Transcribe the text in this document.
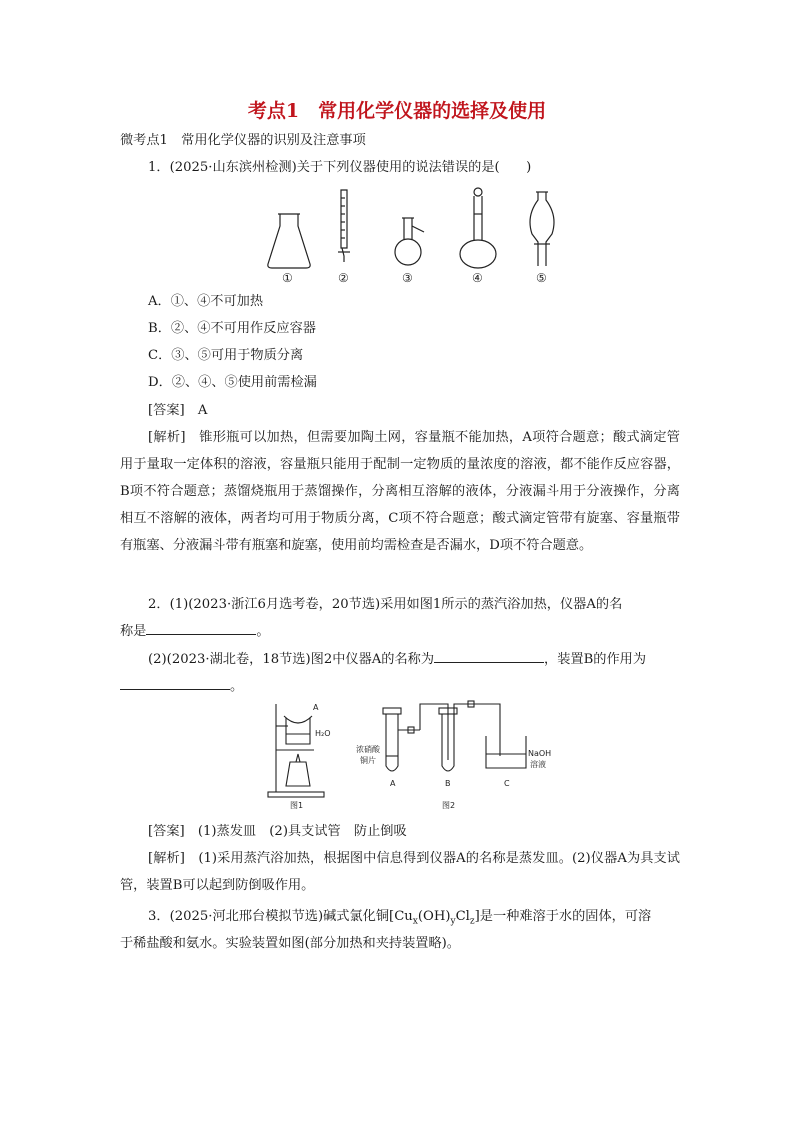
考点1　常用化学仪器的选择及使用
微考点1　常用化学仪器的识别及注意事项
1．(2025·山东滨州检测)关于下列仪器使用的说法错误的是(　　)
①	②	③	④	⑤
A．①、④不可加热
B．②、④不可用作反应容器
C．③、⑤可用于物质分离
D．②、④、⑤使用前需检漏
[答案]　A
[解析]　锥形瓶可以加热，但需要加陶土网，容量瓶不能加热，A项符合题意；酸式滴定管用于量取一定体积的溶液，容量瓶只能用于配制一定物质的量浓度的溶液，都不能作反应容器，B项不符合题意；蒸馏烧瓶用于蒸馏操作，分离相互溶解的液体，分液漏斗用于分液操作，分离相互不溶解的液体，两者均可用于物质分离，C项不符合题意；酸式滴定管带有旋塞、容量瓶带有瓶塞、分液漏斗带有瓶塞和旋塞，使用前均需检查是否漏水，D项不符合题意。
2．(1)(2023·浙江6月选考卷，20节选)采用如图1所示的蒸汽浴加热，仪器A的名
称是	。
(2)(2023·湖北卷，18节选)图2中仪器A的名称为	，装置B的作用为
。
A
H₂O
图1
浓硝酸
铜片
A	B	C
NaOH
溶液
图2
[答案]　(1)蒸发皿　(2)具支试管　防止倒吸
[解析]　(1)采用蒸汽浴加热，根据图中信息得到仪器A的名称是蒸发皿。(2)仪器A为具支试管，装置B可以起到防倒吸作用。
3．(2025·河北邢台模拟节选)碱式氯化铜$[Cu_x(OH)_yCl_z]$是一种难溶于水的固体，可溶
于稀盐酸和氨水。实验装置如图(部分加热和夹持装置略)。
